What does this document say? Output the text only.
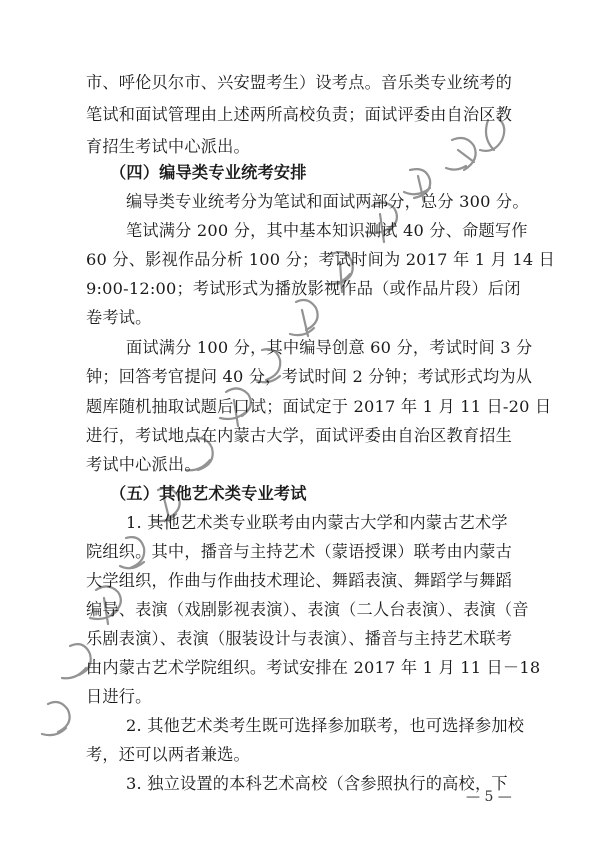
市、呼伦贝尔市、兴安盟考生）设考点。音乐类专业统考的
笔试和面试管理由上述两所高校负责；面试评委由自治区教
育招生考试中心派出。
（四）编导类专业统考安排
编导类专业统考分为笔试和面试两部分，总分 300 分。
笔试满分 200 分，其中基本知识测试 40 分、命题写作
60 分、影视作品分析 100 分；考试时间为 2017 年 1 月 14 日
9:00-12:00；考试形式为播放影视作品（或作品片段）后闭
卷考试。
面试满分 100 分，其中编导创意 60 分，考试时间 3 分
钟；回答考官提问 40 分，考试时间 2 分钟；考试形式均为从
题库随机抽取试题后口试；面试定于 2017 年 1 月 11 日-20 日
进行，考试地点在内蒙古大学，面试评委由自治区教育招生
考试中心派出。
（五）其他艺术类专业考试
1. 其他艺术类专业联考由内蒙古大学和内蒙古艺术学
院组织。其中，播音与主持艺术（蒙语授课）联考由内蒙古
大学组织，作曲与作曲技术理论、舞蹈表演、舞蹈学与舞蹈
编导、表演（戏剧影视表演）、表演（二人台表演）、表演（音
乐剧表演）、表演（服装设计与表演）、播音与主持艺术联考
由内蒙古艺术学院组织。考试安排在 2017 年 1 月 11 日－18
日进行。
2. 其他艺术类考生既可选择参加联考，也可选择参加校
考，还可以两者兼选。
3. 独立设置的本科艺术高校（含参照执行的高校，下
— 5 —
